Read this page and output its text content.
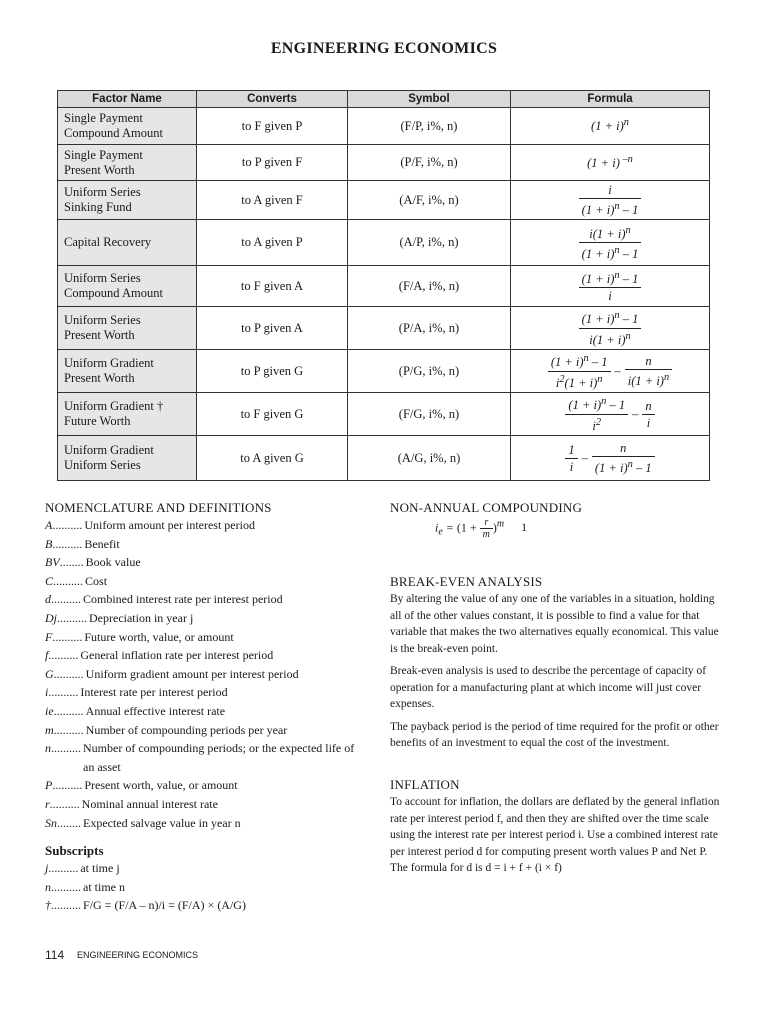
ENGINEERING ECONOMICS
Factor Name	Converts	Symbol	Formula
Single Payment
Compound Amount	to F given P	(F/P, i%, n)	$(1 + i)^n$
Single Payment
Present Worth	to P given F	(P/F, i%, n)	(1 + i) $^{-n}$
Uniform Series
Sinking Fund	to A given F	(A/F, i%, n)	$\frac{i}{(1 + i)^n - 1}$

Capital Recovery	to A given P	(A/P, i%, n)	$\frac{i(1 + i)^n}{(1 + i)^n - 1}$

Uniform Series
Compound Amount	to F given A	(F/A, i%, n)	$\frac{(1 + i)^n - 1}{i}$

Uniform Series
Present Worth	to P given A	(P/A, i%, n)	$\frac{(1 + i)^n - 1}{i(1 + i)^n}$

Uniform Gradient
Present Worth	to P given G	(P/G, i%, n)	$\frac{(1 + i)^n - 1}{i^2(1 + i)^n} - \frac{n}{i(1 + i)^n}$

Uniform Gradient †
Future Worth	to F given G	(F/G, i%, n)	$\frac{(1 + i)^n - 1}{i^2} - \frac{n}{i}$

Uniform Gradient
Uniform Series	to A given G	(A/G, i%, n)	$\frac{1}{i} - \frac{n}{(1 + i)^n - 1}$
NOMENCLATURE AND DEFINITIONS
A .......... Uniform amount per interest period
B .......... Benefit
BV ........ Book value
C .......... Cost
d .......... Combined interest rate per interest period
Dj .......... Depreciation in year j
F .......... Future worth, value, or amount
f .......... General inflation rate per interest period
G .......... Uniform gradient amount per interest period
i .......... Interest rate per interest period
ie .......... Annual effective interest rate
m .......... Number of compounding periods per year
n .......... Number of compounding periods; or the expected life of an asset
P .......... Present worth, value, or amount
r .......... Nominal annual interest rate
Sn ........ Expected salvage value in year n
Subscripts
j .......... at time j
n .......... at time n
† .......... F/G = (F/A – n)/i = (F/A) × (A/G)
NON-ANNUAL COMPOUNDING
$i_e = (1 + \frac{r}{m} )^m$ 1
BREAK-EVEN ANALYSIS

By altering the value of any one of the variables in a situation, holding all of the other values constant, it is possible to find a value for that variable that makes the two alternatives equally economical. This value is the break-even point.

Break-even analysis is used to describe the percentage of capacity of operation for a manufacturing plant at which income will just cover expenses.

The payback period is the period of time required for the profit or other benefits of an investment to equal the cost of the investment.

INFLATION

To account for inflation, the dollars are deflated by the general inflation rate per interest period f, and then they are shifted over the time scale using the interest rate per interest period i. Use a combined interest rate per interest period d for computing present worth values P and Net P.

The formula for d is d = i + f + (i × f)

114 ENGINEERING ECONOMICS
